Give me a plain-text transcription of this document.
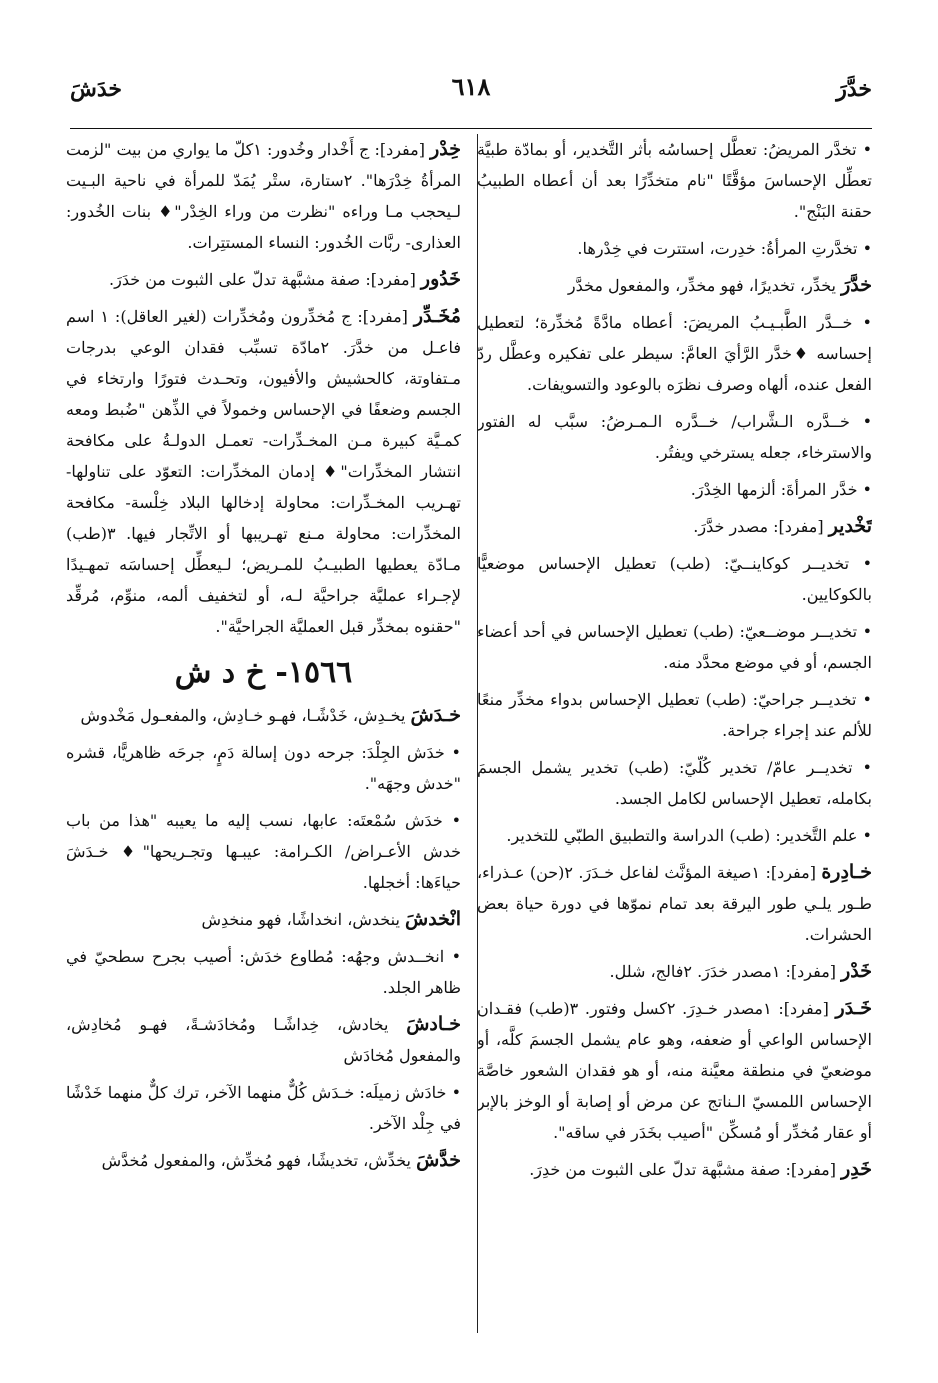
خدَّرَ
٦١٨
خدَشَ

• تخدَّر المريضُ: تعطَّل إحساسُه بأثر التَّخدير، أو بمادّة طبيَّة تعطِّل الإحساسَ مؤقَّتًا "نام متخدِّرًا بعد أن أعطاه الطبيبُ حقنة البَنْج".

• تخدَّرتِ المرأةُ: خدِرت، استترت في خِدْرها.

خدَّرَ يخدِّر، تخديرًا، فهو مخدِّر، والمفعول مخدَّر

• خــدَّر الطَّبـيـبُ المريضَ: أعطاه مادَّةً مُخدِّرة؛ لتعطيل إحساسه ♦خدَّر الرَّأيَ العامَّ: سيطر على تفكيره وعطَّل ردّ الفعل عنده، ألهاه وصرف نظرَه بالوعود والتسويفات.

• خــدَّره الـشَّراب/ خــدَّره الـمـرضُ: سبَّب له الفتور والاسترخاء، جعله يسترخي ويفتُر.

• خدَّر المرأةَ: ألزمها الخِدْرَ.

تَخْدير [مفرد]: مصدر خدَّرَ.

• تخديــر كوكاينــيّ: (طب) تعطيل الإحساس موضعيًّا بالكوكايين.

• تخديــر موضــعيّ: (طب) تعطيل الإحساس في أحد أعضاء الجسم، أو في موضع محدَّد منه.

• تخديــر جراحيّ: (طب) تعطيل الإحساس بدواء مخدِّر منعًا للألم عند إجراء جراحة.

• تخديــر عامّ/ تخدير كُلّيّ: (طب) تخدير يشمل الجسمَ بكامله، تعطيل الإحساس لكامل الجسد.

• علم التَّخدير: (طب) الدراسة والتطبيق الطبّي للتخدير.

خـادِرة [مفرد]: ١صيغة المؤنَّث لفاعل خـدَرَ. ٢(حن) عـذراء، طـور يلـي طور اليرقة بعد تمام نموّها في دورة حياة بعض الحشرات.

خَدْر [مفرد]: ١مصدر خدَرَ. ٢فالج، شلل.

خَـدَر [مفرد]: ١مصدر خـدِرَ. ٢كسل وفتور. ٣(طب) فقـدان الإحساس الواعي أو ضعفه، وهو عام يشمل الجسمَ كلَّه، أو موضعيّ في منطقة معيَّنة منه، أو هو فقدان الشعور خاصَّة الإحساس اللمسيّ الـناتج عن مرض أو إصابة أو الوخز بالإبر أو عقار مُخدِّر أو مُسكِّن "أصيب بخَدَر في ساقه".

خَدِر [مفرد]: صفة مشبَّهة تدلّ على الثبوت من خدِرَ.

خِدْر [مفرد]: ج أَخْدار وخُدور: ١كلّ ما يواري من بيت "لزمت المرأةُ خِدْرَها". ٢ستارة، ستْر يُمَدّ للمرأة في ناحية البـيت لـيحجب مـا وراءه "نظرت من وراء الخِدْر"♦ بنات الخُدور: العذارى- ربَّات الخُدور: النساء المستتِرات.

خَدُور [مفرد]: صفة مشبَّهة تدلّ على الثبوت من خدَرَ.

مُخَـدِّر [مفرد]: ج مُخدِّرون ومُخدِّرات (لغير العاقل): ١ اسم فاعـل من خدَّرَ. ٢مادّة تسبِّب فقدان الوعي بدرجات مـتفاوتة، كالحشيش والأفيون، وتحـدث فتورًا وارتخاء في الجسم وضعفًا في الإحساس وخمولاً في الذِّهن "ضُبط ومعه كمـيَّة كبيرة مـن المخـدِّرات- تعمـل الدولـةُ على مكافحة انتشار المخدِّرات"♦ إدمان المخدِّرات: التعوّد على تناولها- تهـريب المخـدِّرات: محاولة إدخالها البلاد خِلْسة- مكافحة المخدِّرات: محاولة مـنع تهـريبها أو الاتِّجار فيها. ٣(طب) مـادّة يعطيها الطبيـبُ للمـريض؛ لـيعطِّل إحساسَه تمهـيدًا لإجـراء عمليَّة جراحيَّة لـه، أو لتخفيف ألمه، منوِّم، مُرقِّد "حقنوه بمخدِّر قبل العمليَّة الجراحيَّة".

١٥٦٦- خ د ش

خـدَشَ يخـدِش، خَدْشًـا، فهـو خـادِش، والمفعـول مَخْدوش

• خدَش الجِلْدَ: جرحه دون إسالة دَمٍ، جرحَه ظاهريًّا، قشره "خدش وجهَه".

• خدَش سُمْعتَه: عابها، نسب إليه ما يعيبه "هذا من باب خدش الأعـراض/ الكـرامة: عيبـها وتجـريحها"♦ خـدَشَ حياءَها: أخجلها.

انْخدشَ ينخدش، انخداشًا، فهو منخدِش

• انخــدش وجهُه: مُطاوع خدَش: أصيب بجرح سطحيّ في ظاهر الجلد.

خـادشَ يخادش، خِداشًـا ومُخادَشـةً، فهـو مُخادِش، والمفعول مُخادَش

• خادَش زميلَه: خـدَش كُلٌّ منهما الآخر، ترك كلٌّ منهما خَدْشًا في جِلْد الآخر.

خدَّشَ يخدِّش، تخديشًا، فهو مُخدِّش، والمفعول مُخدَّش
